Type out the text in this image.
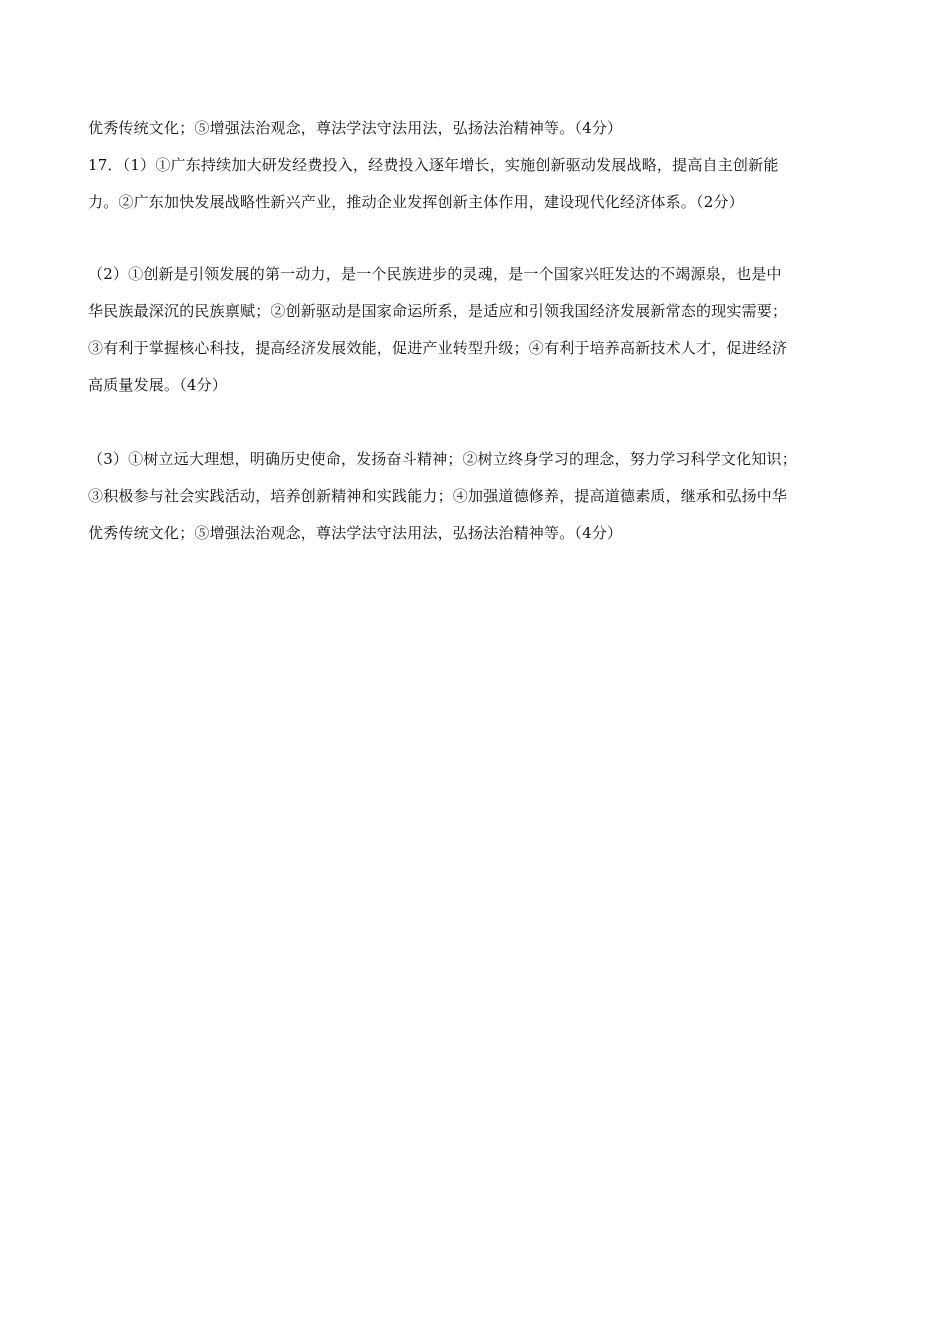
优秀传统文化；⑤增强法治观念，尊法学法守法用法，弘扬法治精神等。（4分）
17．（1）①广东持续加大研发经费投入，经费投入逐年增长，实施创新驱动发展战略，提高自主创新能
力。②广东加快发展战略性新兴产业，推动企业发挥创新主体作用，建设现代化经济体系。（2分）
（2）①创新是引领发展的第一动力，是一个民族进步的灵魂，是一个国家兴旺发达的不竭源泉，也是中
华民族最深沉的民族禀赋；②创新驱动是国家命运所系，是适应和引领我国经济发展新常态的现实需要；
③有利于掌握核心科技，提高经济发展效能，促进产业转型升级；④有利于培养高新技术人才，促进经济
高质量发展。（4分）
（3）①树立远大理想，明确历史使命，发扬奋斗精神；②树立终身学习的理念，努力学习科学文化知识；
③积极参与社会实践活动，培养创新精神和实践能力；④加强道德修养，提高道德素质，继承和弘扬中华
优秀传统文化；⑤增强法治观念，尊法学法守法用法，弘扬法治精神等。（4分）
